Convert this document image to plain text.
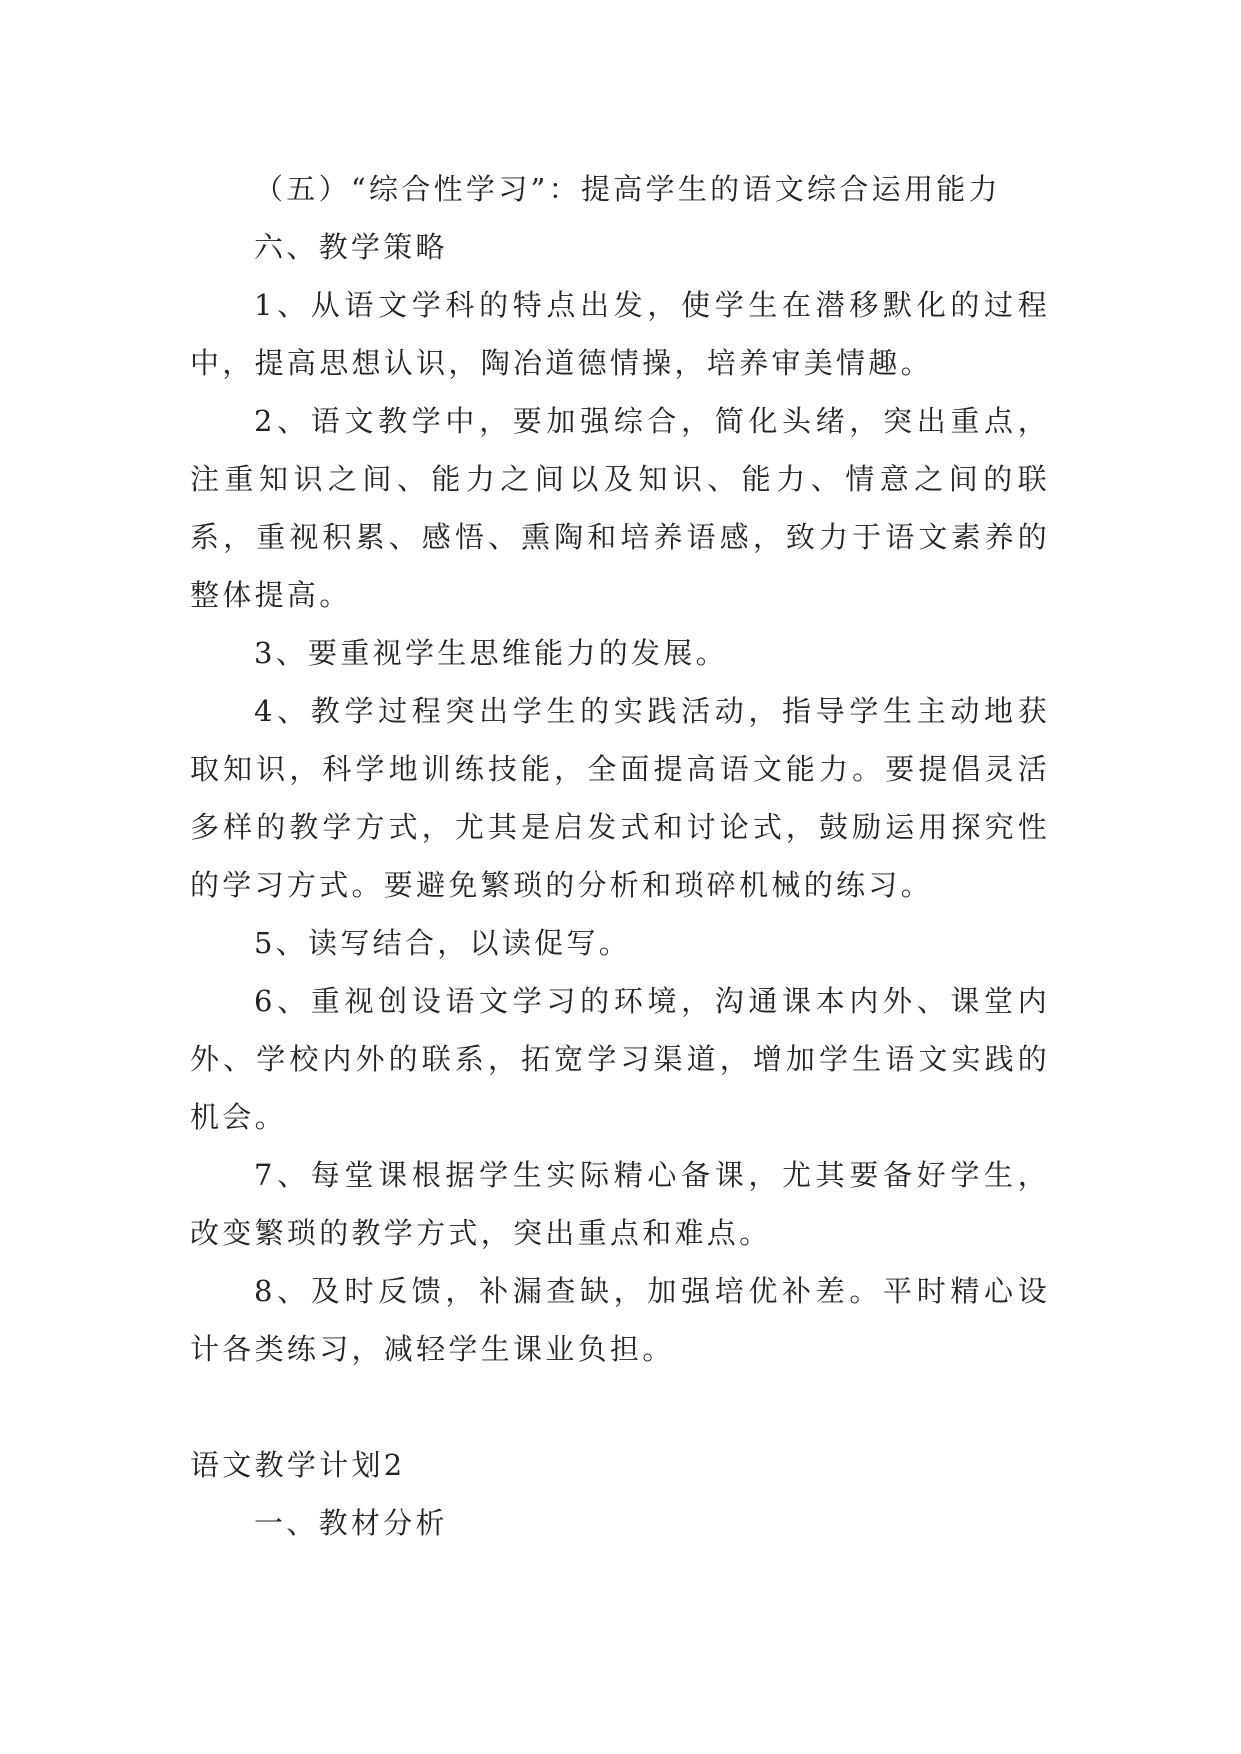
（五）“综合性学习”：提高学生的语文综合运用能力

六、教学策略

1、从语文学科的特点出发，使学生在潜移默化的过程中，提高思想认识，陶冶道德情操，培养审美情趣。

2、语文教学中，要加强综合，简化头绪，突出重点，注重知识之间、能力之间以及知识、能力、情意之间的联系，重视积累、感悟、熏陶和培养语感，致力于语文素养的整体提高。

3、要重视学生思维能力的发展。

4、教学过程突出学生的实践活动，指导学生主动地获取知识，科学地训练技能，全面提高语文能力。要提倡灵活多样的教学方式，尤其是启发式和讨论式，鼓励运用探究性的学习方式。要避免繁琐的分析和琐碎机械的练习。

5、读写结合，以读促写。

6、重视创设语文学习的环境，沟通课本内外、课堂内外、学校内外的联系，拓宽学习渠道，增加学生语文实践的机会。

7、每堂课根据学生实际精心备课，尤其要备好学生，改变繁琐的教学方式，突出重点和难点。

8、及时反馈，补漏查缺，加强培优补差。平时精心设计各类练习，减轻学生课业负担。

语文教学计划2

一、教材分析
